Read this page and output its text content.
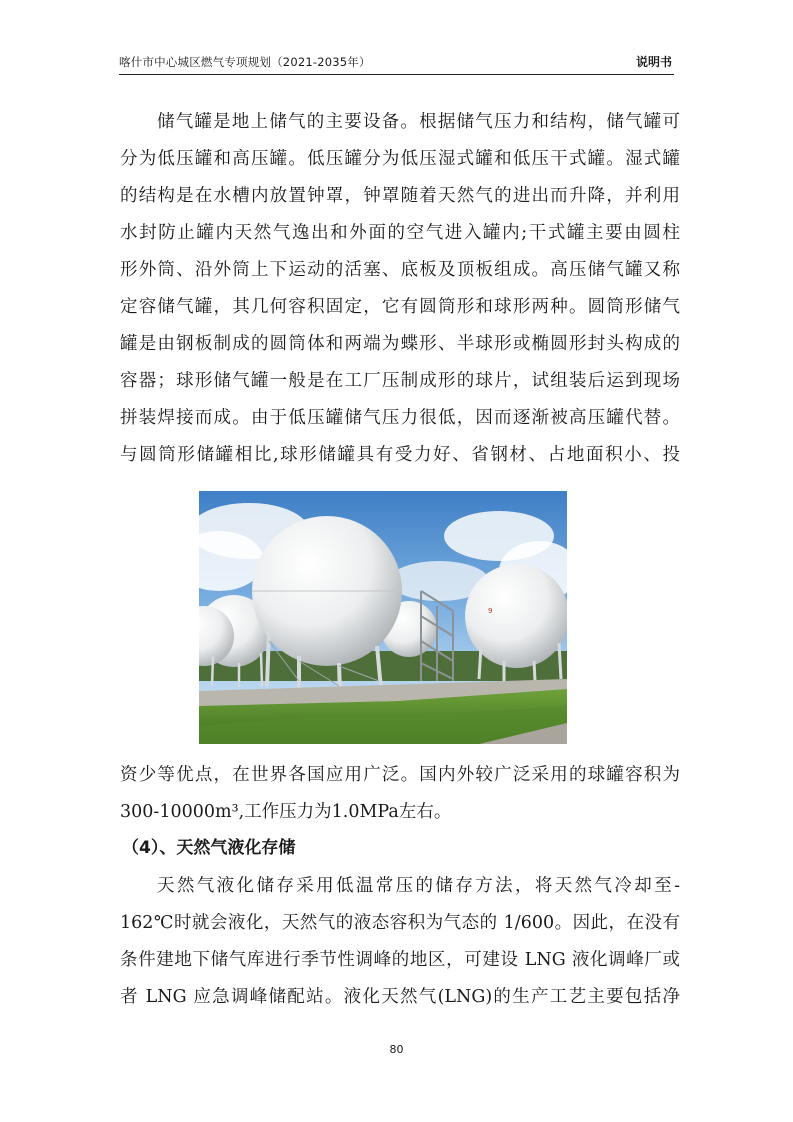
喀什市中心城区燃气专项规划（2021-2035年）	说明书
储气罐是地上储气的主要设备。根据储气压力和结构，储气罐可
分为低压罐和高压罐。低压罐分为低压湿式罐和低压干式罐。湿式罐
的结构是在水槽内放置钟罩，钟罩随着天然气的进出而升降，并利用
水封防止罐内天然气逸出和外面的空气进入罐内;干式罐主要由圆柱
形外筒、沿外筒上下运动的活塞、底板及顶板组成。高压储气罐又称
定容储气罐，其几何容积固定，它有圆筒形和球形两种。圆筒形储气
罐是由钢板制成的圆筒体和两端为蝶形、半球形或椭圆形封头构成的
容器；球形储气罐一般是在工厂压制成形的球片，试组装后运到现场
拼装焊接而成。由于低压罐储气压力很低，因而逐渐被高压罐代替。
与圆筒形储罐相比,球形储罐具有受力好、省钢材、占地面积小、投
9
资少等优点，在世界各国应用广泛。国内外较广泛采用的球罐容积为
300-10000m³,工作压力为1.0MPa左右。
（4）、天然气液化存储
天然气液化储存采用低温常压的储存方法，将天然气冷却至-
162℃时就会液化，天然气的液态容积为气态的 1/600。因此，在没有
条件建地下储气库进行季节性调峰的地区，可建设 LNG 液化调峰厂或
者 LNG 应急调峰储配站。液化天然气(LNG)的生产工艺主要包括净
80
